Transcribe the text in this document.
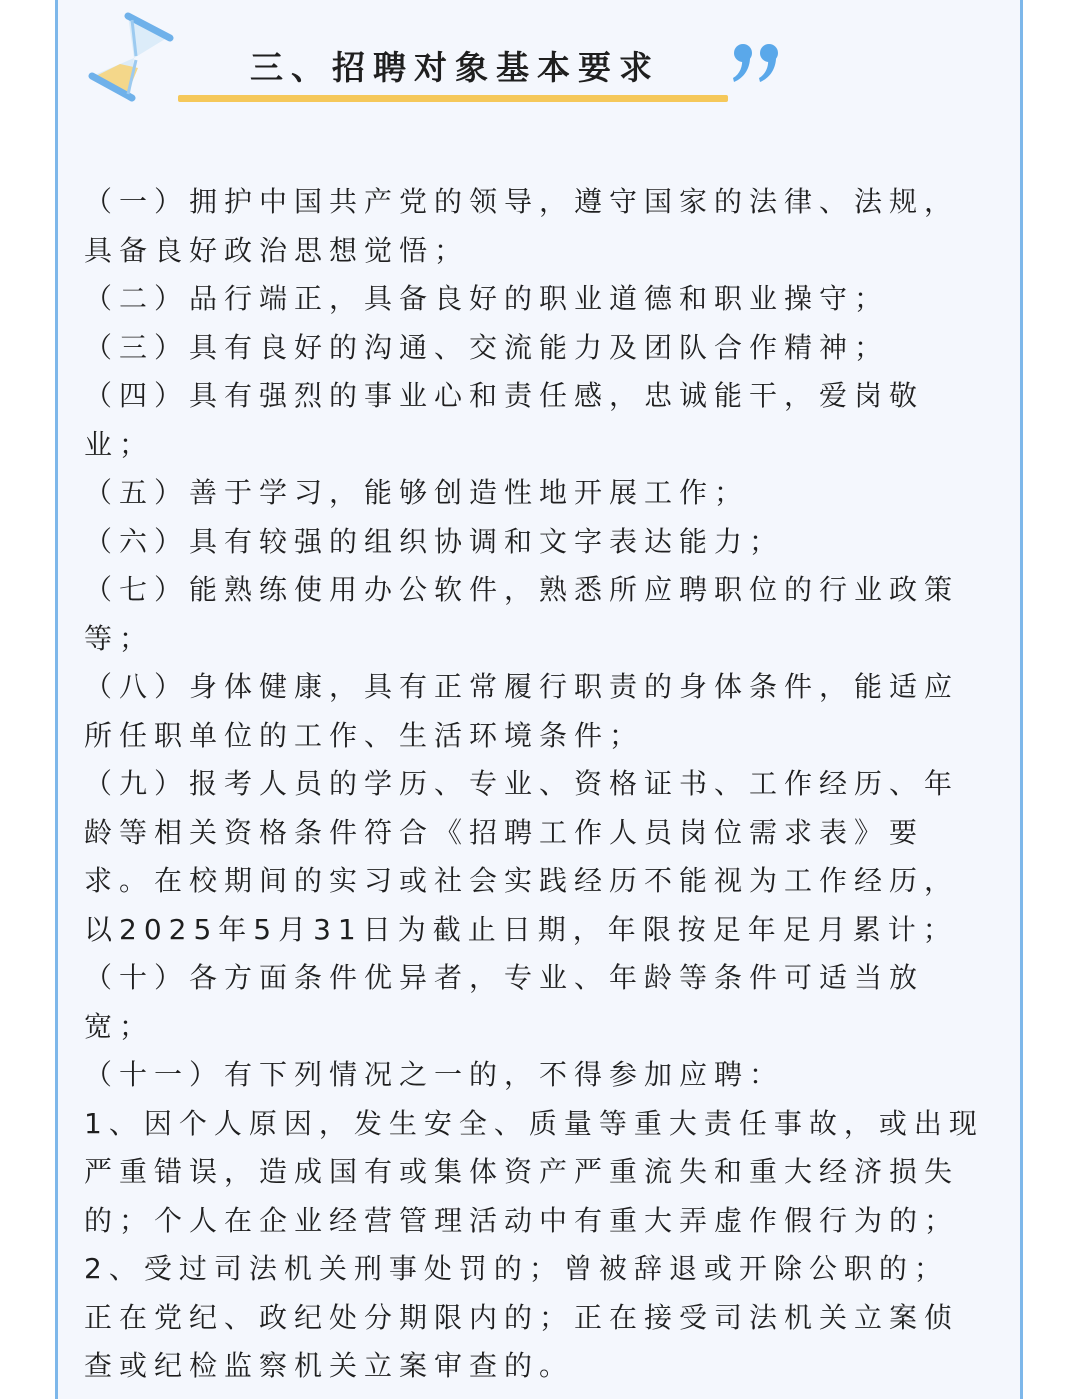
三、招聘对象基本要求
（一）拥护中国共产党的领导，遵守国家的法律、法规，
具备良好政治思想觉悟；
（二）品行端正，具备良好的职业道德和职业操守；
（三）具有良好的沟通、交流能力及团队合作精神；
（四）具有强烈的事业心和责任感，忠诚能干，爱岗敬
业；
（五）善于学习，能够创造性地开展工作；
（六）具有较强的组织协调和文字表达能力；
（七）能熟练使用办公软件，熟悉所应聘职位的行业政策
等；
（八）身体健康，具有正常履行职责的身体条件，能适应
所任职单位的工作、生活环境条件；
（九）报考人员的学历、专业、资格证书、工作经历、年
龄等相关资格条件符合《招聘工作人员岗位需求表》要
求。在校期间的实习或社会实践经历不能视为工作经历，
以2025年5月31日为截止日期，年限按足年足月累计；
（十）各方面条件优异者，专业、年龄等条件可适当放
宽；
（十一）有下列情况之一的，不得参加应聘：
1、因个人原因，发生安全、质量等重大责任事故，或出现
严重错误，造成国有或集体资产严重流失和重大经济损失
的；个人在企业经营管理活动中有重大弄虚作假行为的；
2、受过司法机关刑事处罚的；曾被辞退或开除公职的；
正在党纪、政纪处分期限内的；正在接受司法机关立案侦
查或纪检监察机关立案审查的。
